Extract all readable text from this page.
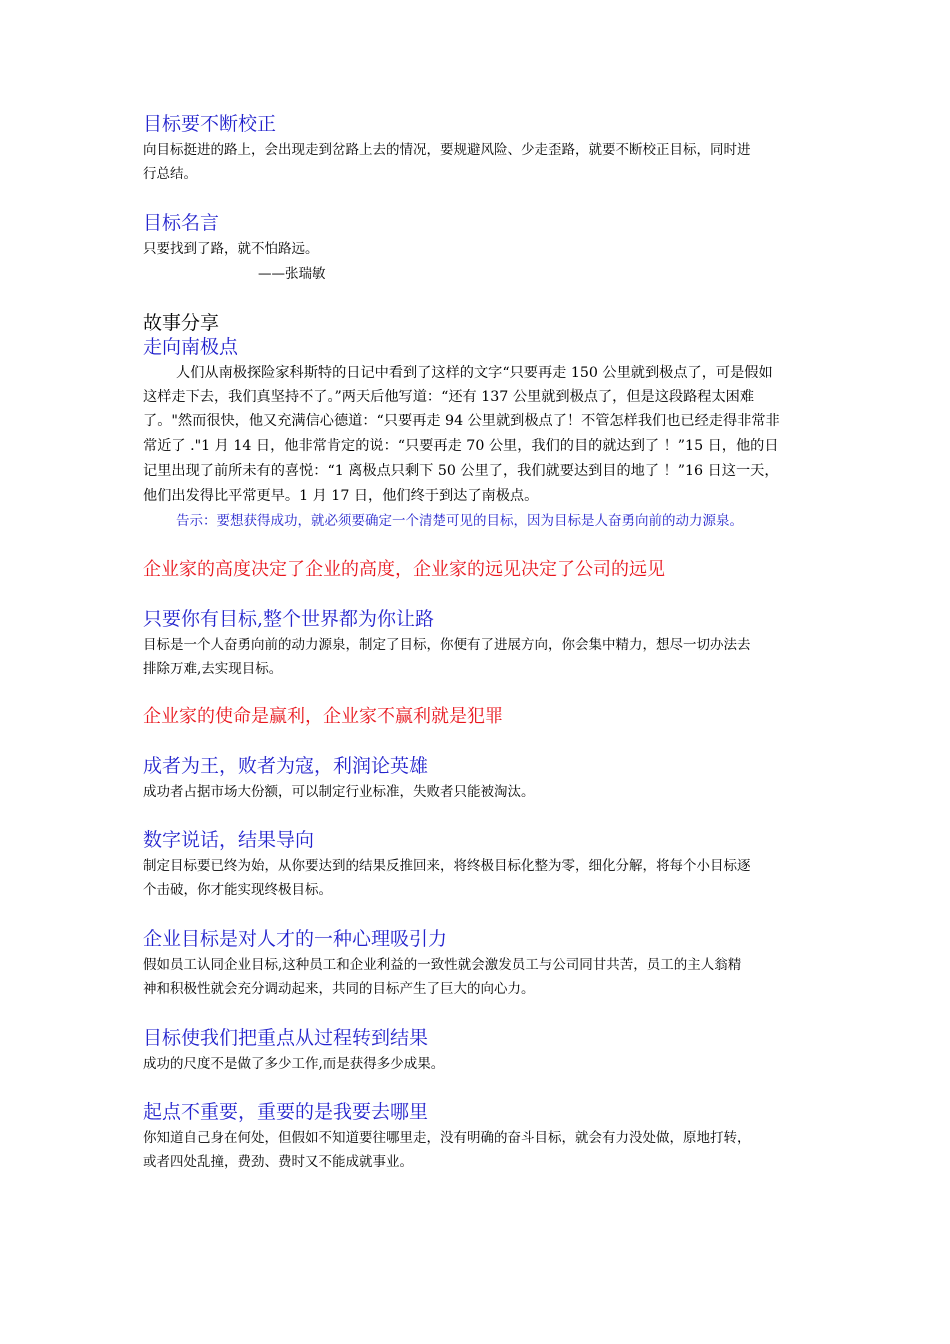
目标要不断校正
向目标挺进的路上，会出现走到岔路上去的情况，要规避风险、少走歪路，就要不断校正目标，同时进
行总结。
目标名言
只要找到了路，就不怕路远。
——张瑞敏
故事分享
走向南极点
人们从南极探险家科斯特的日记中看到了这样的文字“只要再走 150 公里就到极点了，可是假如
这样走下去，我们真坚持不了。”两天后他写道：“还有 137 公里就到极点了，但是这段路程太困难
了。"然而很快，他又充满信心德道：“只要再走 94 公里就到极点了！不管怎样我们也已经走得非常非
常近了 ."1 月 14 日，他非常肯定的说：“只要再走 70 公里，我们的目的就达到了 ！”15 日，他的日
记里出现了前所未有的喜悦：“1 离极点只剩下 50 公里了，我们就要达到目的地了 ！”16 日这一天，
他们出发得比平常更早。1 月 17 日，他们终于到达了南极点。
告示：要想获得成功，就必须要确定一个清楚可见的目标，因为目标是人奋勇向前的动力源泉。
企业家的高度决定了企业的高度，企业家的远见决定了公司的远见
只要你有目标,整个世界都为你让路
目标是一个人奋勇向前的动力源泉，制定了目标，你便有了进展方向，你会集中精力，想尽一切办法去
排除万难,去实现目标。
企业家的使命是赢利，企业家不赢利就是犯罪
成者为王，败者为寇，利润论英雄
成功者占据市场大份额，可以制定行业标准，失败者只能被淘汰。
数字说话，结果导向
制定目标要已终为始，从你要达到的结果反推回来，将终极目标化整为零，细化分解，将每个小目标逐
个击破，你才能实现终极目标。
企业目标是对人才的一种心理吸引力
假如员工认同企业目标,这种员工和企业利益的一致性就会激发员工与公司同甘共苦，员工的主人翁精
神和积极性就会充分调动起来，共同的目标产生了巨大的向心力。
目标使我们把重点从过程转到结果
成功的尺度不是做了多少工作,而是获得多少成果。
起点不重要，重要的是我要去哪里
你知道自己身在何处，但假如不知道要往哪里走，没有明确的奋斗目标，就会有力没处做，原地打转，
或者四处乱撞，费劲、费时又不能成就事业。
